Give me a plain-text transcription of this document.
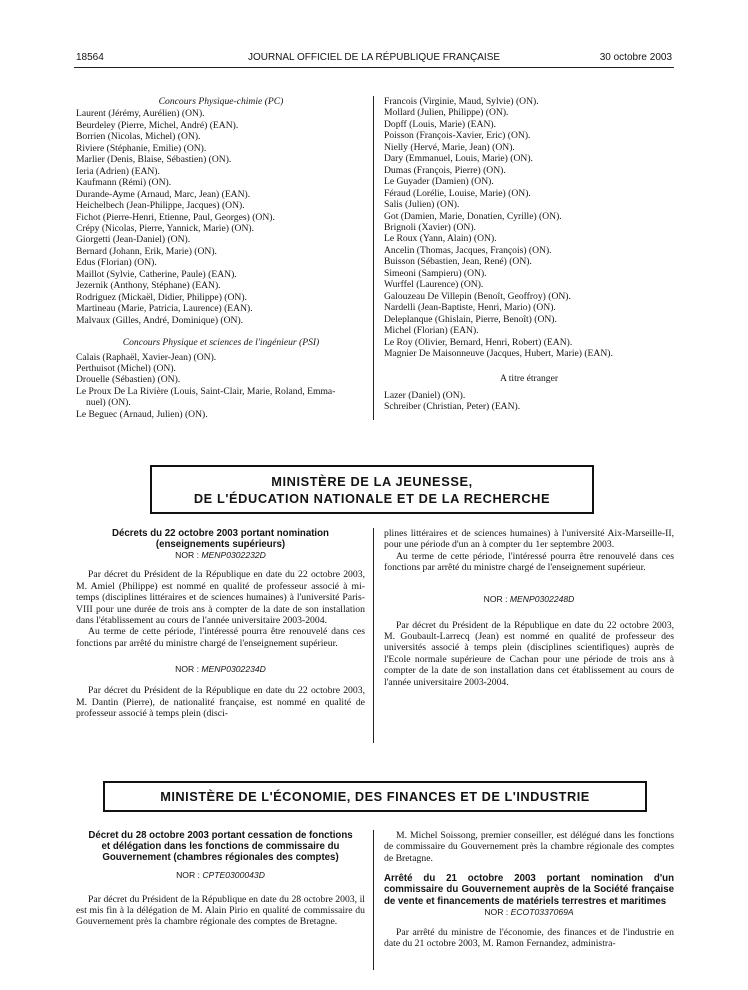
18564	JOURNAL OFFICIEL DE LA RÉPUBLIQUE FRANÇAISE	30 octobre 2003
Concours Physique-chimie (PC)
Laurent (Jérémy, Aurélien) (ON).
Beurdeley (Pierre, Michel, André) (EAN).
Borrien (Nicolas, Michel) (ON).
Riviere (Stéphanie, Emilie) (ON).
Marlier (Denis, Blaise, Sébastien) (ON).
Ieria (Adrien) (EAN).
Kaufmann (Rémi) (ON).
Durande-Ayme (Arnaud, Marc, Jean) (EAN).
Heichelbech (Jean-Philippe, Jacques) (ON).
Fichot (Pierre-Henri, Etienne, Paul, Georges) (ON).
Crépy (Nicolas, Pierre, Yannick, Marie) (ON).
Giorgetti (Jean-Daniel) (ON).
Bernard (Johann, Erik, Marie) (ON).
Edus (Florian) (ON).
Maillot (Sylvie, Catherine, Paule) (EAN).
Jezernik (Anthony, Stéphane) (EAN).
Rodriguez (Mickaël, Didier, Philippe) (ON).
Martineau (Marie, Patricia, Laurence) (EAN).
Malvaux (Gilles, André, Dominique) (ON).
Concours Physique et sciences de l'ingénieur (PSI)
Calais (Raphaël, Xavier-Jean) (ON).
Perthuisot (Michel) (ON).
Drouelle (Sébastien) (ON).
Le Proux De La Rivière (Louis, Saint-Clair, Marie, Roland, Emma-
nuel) (ON).
Le Beguec (Arnaud, Julien) (ON).
Francois (Virginie, Maud, Sylvie) (ON).
Mollard (Julien, Philippe) (ON).
Dopff (Louis, Marie) (EAN).
Poisson (François-Xavier, Eric) (ON).
Nielly (Hervé, Marie, Jean) (ON).
Dary (Emmanuel, Louis, Marie) (ON).
Dumas (François, Pierre) (ON).
Le Guyader (Damien) (ON).
Féraud (Lorélie, Louise, Marie) (ON).
Salis (Julien) (ON).
Got (Damien, Marie, Donatien, Cyrille) (ON).
Brignoli (Xavier) (ON).
Le Roux (Yann, Alain) (ON).
Ancelin (Thomas, Jacques, François) (ON).
Buisson (Sébastien, Jean, René) (ON).
Simeoni (Sampieru) (ON).
Wurffel (Laurence) (ON).
Galouzeau De Villepin (Benoît, Geoffroy) (ON).
Nardelli (Jean-Baptiste, Henri, Mario) (ON).
Deleplanque (Ghislain, Pierre, Benoît) (ON).
Michel (Florian) (EAN).
Le Roy (Olivier, Bernard, Henri, Robert) (EAN).
Magnier De Maisonneuve (Jacques, Hubert, Marie) (EAN).
A titre étranger
Lazer (Daniel) (ON).
Schreiber (Christian, Peter) (EAN).
MINISTÈRE DE LA JEUNESSE,
DE L'ÉDUCATION NATIONALE ET DE LA RECHERCHE
Décrets du 22 octobre 2003 portant nomination
(enseignements supérieurs)
NOR : MENP0302232D
Par décret du Président de la République en date du 22 octobre 2003, M. Amiel (Philippe) est nommé en qualité de professeur associé à mi-temps (disciplines littéraires et de sciences humaines) à l'université Paris-VIII pour une durée de trois ans à compter de la date de son installation dans l'établissement au cours de l'année universitaire 2003-2004.
Au terme de cette période, l'intéressé pourra être renouvelé dans ces fonctions par arrêté du ministre chargé de l'enseignement supérieur.
NOR : MENP0302234D
Par décret du Président de la République en date du 22 octobre 2003, M. Dantin (Pierre), de nationalité française, est nommé en qualité de professeur associé à temps plein (disci-
plines littéraires et de sciences humaines) à l'université Aix-Marseille-II, pour une période d'un an à compter du 1er septembre 2003.
Au terme de cette période, l'intéressé pourra être renouvelé dans ces fonctions par arrêté du ministre chargé de l'enseignement supérieur.
NOR : MENP0302248D
Par décret du Président de la République en date du 22 octobre 2003, M. Goubault-Larrecq (Jean) est nommé en qualité de professeur des universités associé à temps plein (disciplines scientifiques) auprès de l'Ecole normale supérieure de Cachan pour une période de trois ans à compter de la date de son installation dans cet établissement au cours de l'année universitaire 2003-2004.
MINISTÈRE DE L'ÉCONOMIE, DES FINANCES ET DE L'INDUSTRIE
Décret du 28 octobre 2003 portant cessation de fonctions et délégation dans les fonctions de commissaire du Gouvernement (chambres régionales des comptes)
NOR : CPTE0300043D
Par décret du Président de la République en date du 28 octobre 2003, il est mis fin à la délégation de M. Alain Pirio en qualité de commissaire du Gouvernement près la chambre régionale des comptes de Bretagne.
M. Michel Soissong, premier conseiller, est délégué dans les fonctions de commissaire du Gouvernement près la chambre régionale des comptes de Bretagne.
Arrêté du 21 octobre 2003 portant nomination d'un commissaire du Gouvernement auprès de la Société française de vente et financements de matériels terrestres et maritimes
NOR : ECOT0337069A
Par arrêté du ministre de l'économie, des finances et de l'industrie en date du 21 octobre 2003, M. Ramon Fernandez, administra-
